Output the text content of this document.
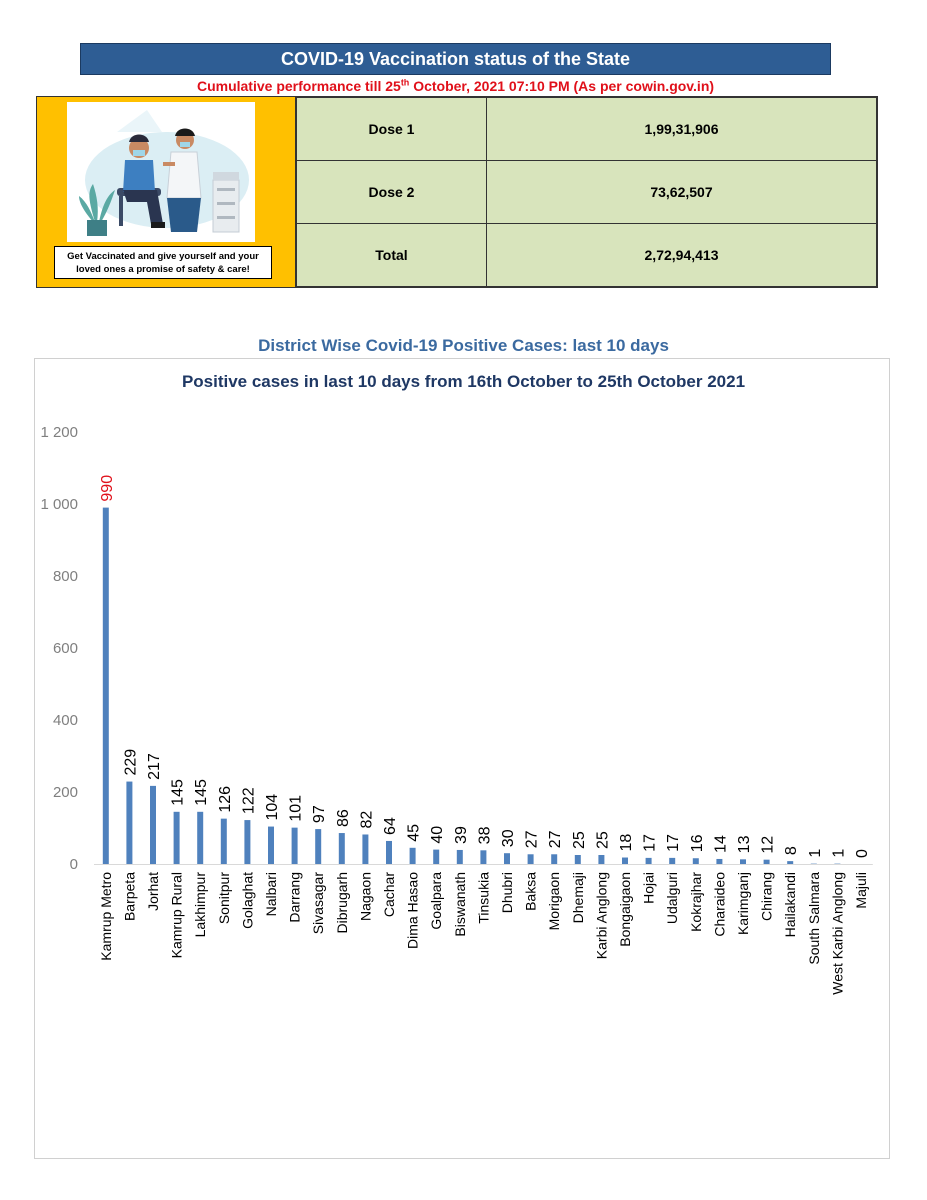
COVID-19 Vaccination status of the State
Cumulative performance till 25th October, 2021 07:10 PM (As per cowin.gov.in)
Get Vaccinated and give yourself and your loved ones a promise of safety & care!
Dose 1	1,99,31,906
Dose 2	73,62,507
Total	2,72,94,413
District Wise Covid-19 Positive Cases: last 10 days
Positive cases in last 10 days from 16th October to 25th October 2021
0
200
400
600
800
1 000
1 200
990
Kamrup Metro
229
Barpeta
217
Jorhat
145
Kamrup Rural
145
Lakhimpur
126
Sonitpur
122
Golaghat
104
Nalbari
101
Darrang
97
Sivasagar
86
Dibrugarh
82
Nagaon
64
Cachar
45
Dima Hasao
40
Goalpara
39
Biswanath
38
Tinsukia
30
Dhubri
27
Baksa
27
Morigaon
25
Dhemaji
25
Karbi Anglong
18
Bongaigaon
17
Hojai
17
Udalguri
16
Kokrajhar
14
Charaideo
13
Karimganj
12
Chirang
8
Hailakandi
1
South Salmara
1
West Karbi Anglong
0
Majuli
